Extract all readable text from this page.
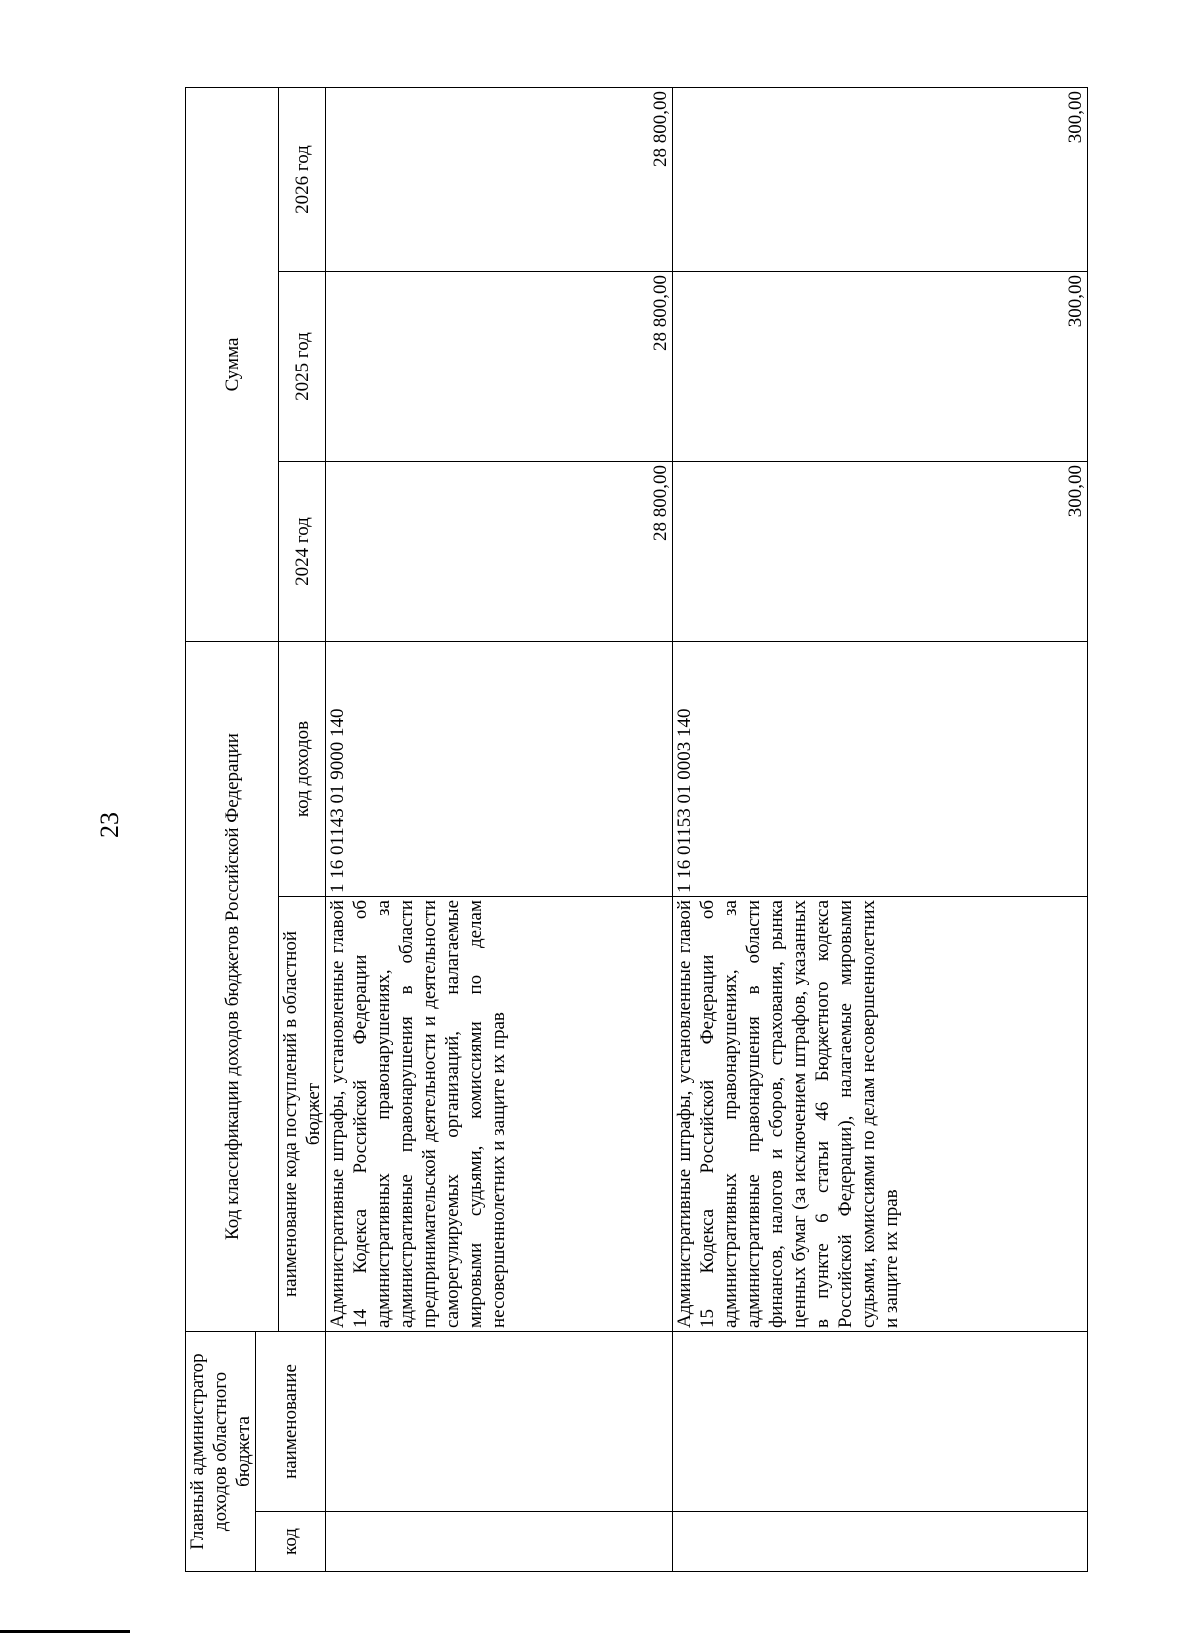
23
Главный администратор доходов областного бюджета		Код классификации доходов бюджетов Российской Федерации		Сумма		
код	наименование					
		наименование кода поступлений в областной бюджет	код доходов	2024 год	2025 год	2026 год
		Административные штрафы, установленные главой 14 Кодекса Российской Федерации об административных правонарушениях, за административные правонарушения в области предпринимательской деятельности и деятельности саморегулируемых организаций, налагаемые мировыми судьями, комиссиями по делам несовершеннолетних и защите их прав	1 16 01143 01 9000 140	28 800,00	28 800,00	28 800,00
		Административные штрафы, установленные главой 15 Кодекса Российской Федерации об административных правонарушениях, за административные правонарушения в области финансов, налогов и сборов, страхования, рынка ценных бумаг (за исключением штрафов, указанных в пункте 6 статьи 46 Бюджетного кодекса Российской Федерации), налагаемые мировыми судьями, комиссиями по делам несовершеннолетних и защите их прав	1 16 01153 01 0003 140	300,00	300,00	300,00
